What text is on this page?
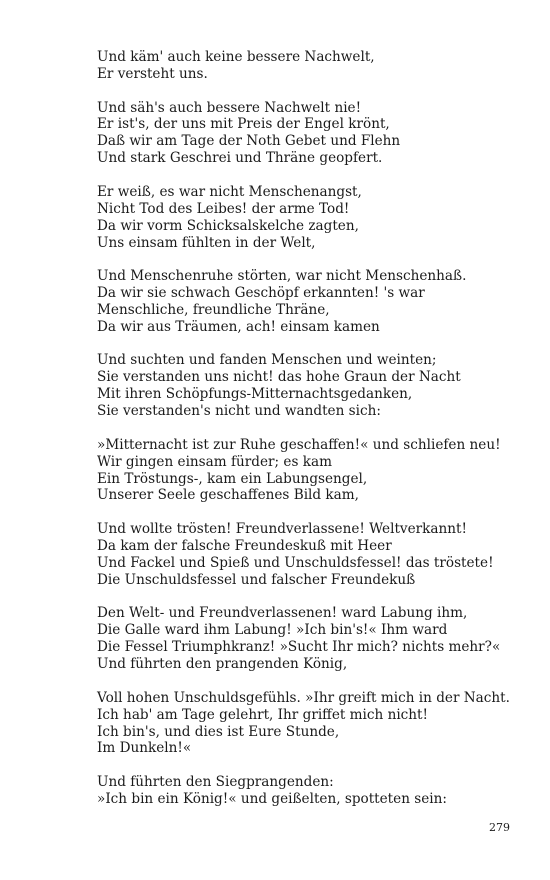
Und käm' auch keine bessere Nachwelt,
Er versteht uns.
Und säh's auch bessere Nachwelt nie!
Er ist's, der uns mit Preis der Engel krönt,
Daß wir am Tage der Noth Gebet und Flehn
Und stark Geschrei und Thräne geopfert.
Er weiß, es war nicht Menschenangst,
Nicht Tod des Leibes! der arme Tod!
Da wir vorm Schicksalskelche zagten,
Uns einsam fühlten in der Welt,
Und Menschenruhe störten, war nicht Menschenhaß.
Da wir sie schwach Geschöpf erkannten! 's war
Menschliche, freundliche Thräne,
Da wir aus Träumen, ach! einsam kamen
Und suchten und fanden Menschen und weinten;
Sie verstanden uns nicht! das hohe Graun der Nacht
Mit ihren Schöpfungs-Mitternachtsgedanken,
Sie verstanden's nicht und wandten sich:
»Mitternacht ist zur Ruhe geschaffen!« und schliefen neu!
Wir gingen einsam fürder; es kam
Ein Tröstungs-, kam ein Labungsengel,
Unserer Seele geschaffenes Bild kam,
Und wollte trösten! Freundverlassene! Weltverkannt!
Da kam der falsche Freundeskuß mit Heer
Und Fackel und Spieß und Unschuldsfessel! das tröstete!
Die Unschuldsfessel und falscher Freundekuß
Den Welt- und Freundverlassenen! ward Labung ihm,
Die Galle ward ihm Labung! »Ich bin's!« Ihm ward
Die Fessel Triumphkranz! »Sucht Ihr mich? nichts mehr?«
Und führten den prangenden König,
Voll hohen Unschuldsgefühls. »Ihr greift mich in der Nacht.
Ich hab' am Tage gelehrt, Ihr griffet mich nicht!
Ich bin's, und dies ist Eure Stunde,
Im Dunkeln!«
Und führten den Siegprangenden:
»Ich bin ein König!« und geißelten, spotteten sein:
279
